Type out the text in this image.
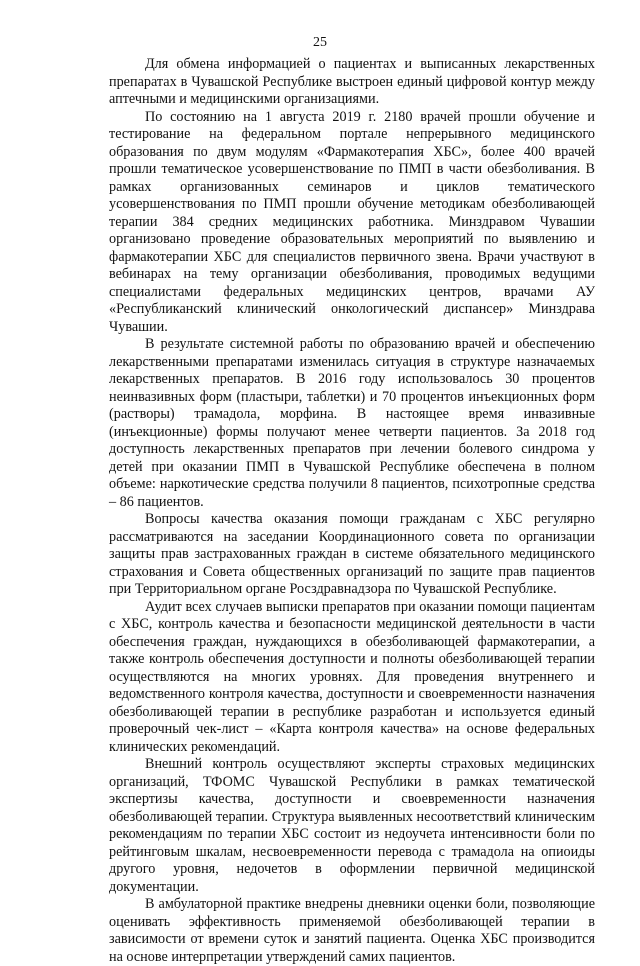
25

Для обмена информацией о пациентах и выписанных лекарственных препаратах в Чувашской Республике выстроен единый цифровой контур между аптечными и медицинскими организациями.

По состоянию на 1 августа 2019 г. 2180 врачей прошли обучение и тестирование на федеральном портале непрерывного медицинского образования по двум модулям «Фармакотерапия ХБС», более 400 врачей прошли тематическое усовершенствование по ПМП в части обезболивания. В рамках организованных семинаров и циклов тематического усовершенствования по ПМП прошли обучение методикам обезболивающей терапии 384 средних медицинских работника. Минздравом Чувашии организовано проведение образовательных мероприятий по выявлению и фармакотерапии ХБС для специалистов первичного звена. Врачи участвуют в вебинарах на тему организации обезболивания, проводимых ведущими специалистами федеральных медицинских центров, врачами АУ «Республиканский клинический онкологический диспансер» Минздрава Чувашии.

В результате системной работы по образованию врачей и обеспечению лекарственными препаратами изменилась ситуация в структуре назначаемых лекарственных препаратов. В 2016 году использовалось 30 процентов неинвазивных форм (пластыри, таблетки) и 70 процентов инъекционных форм (растворы) трамадола, морфина. В настоящее время инвазивные (инъекционные) формы получают менее четверти пациентов. За 2018 год доступность лекарственных препаратов при лечении болевого синдрома у детей при оказании ПМП в Чувашской Республике обеспечена в полном объеме: наркотические средства получили 8 пациентов, психотропные средства – 86 пациентов.

Вопросы качества оказания помощи гражданам с ХБС регулярно рассматриваются на заседании Координационного совета по организации защиты прав застрахованных граждан в системе обязательного медицинского страхования и Совета общественных организаций по защите прав пациентов при Территориальном органе Росздравнадзора по Чувашской Республике.

Аудит всех случаев выписки препаратов при оказании помощи пациентам с ХБС, контроль качества и безопасности медицинской деятельности в части обеспечения граждан, нуждающихся в обезболивающей фармакотерапии, а также контроль обеспечения доступности и полноты обезболивающей терапии осуществляются на многих уровнях. Для проведения внутреннего и ведомственного контроля качества, доступности и своевременности назначения обезболивающей терапии в республике разработан и используется единый проверочный чек-лист – «Карта контроля качества» на основе федеральных клинических рекомендаций.

Внешний контроль осуществляют эксперты страховых медицинских организаций, ТФОМС Чувашской Республики в рамках тематической экспертизы качества, доступности и своевременности назначения обезболивающей терапии. Структура выявленных несоответствий клиническим рекомендациям по терапии ХБС состоит из недоучета интенсивности боли по рейтинговым шкалам, несвоевременности перевода с трамадола на опиоиды другого уровня, недочетов в оформлении первичной медицинской документации.

В амбулаторной практике внедрены дневники оценки боли, позволяющие оценивать эффективность применяемой обезболивающей терапии в зависимости от времени суток и занятий пациента. Оценка ХБС производится на основе интерпретации утверждений самих пациентов.
